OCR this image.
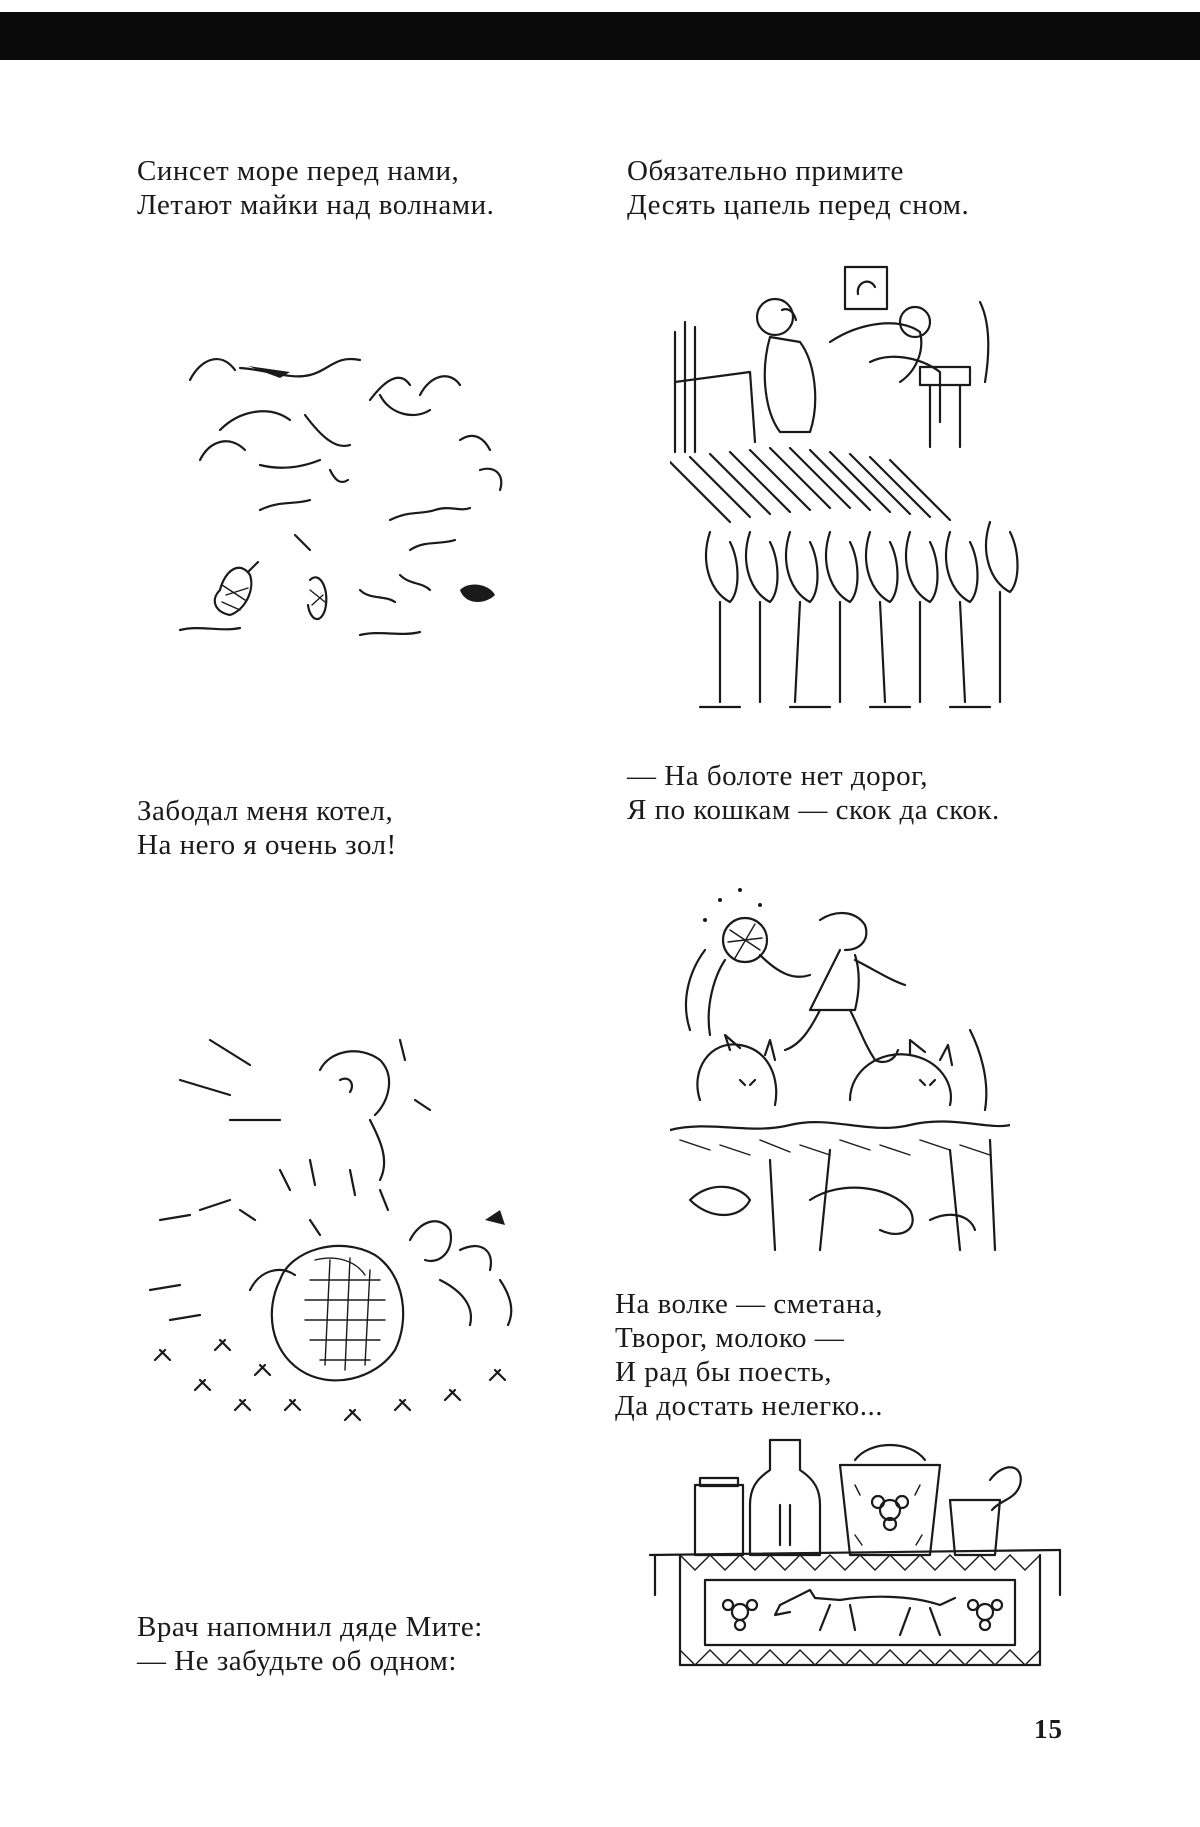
Синсет море перед нами,
Летают майки над волнами.
Обязательно примите
Десять цапель перед сном.
Забодал меня котел,
На него я очень зол!
— На болоте нет дорог,
Я по кошкам — скок да скок.
На волке — сметана,
Творог, молоко —
И рад бы поесть,
Да достать нелегко...
Врач напомнил дяде Мите:
— Не забудьте об одном:
15
